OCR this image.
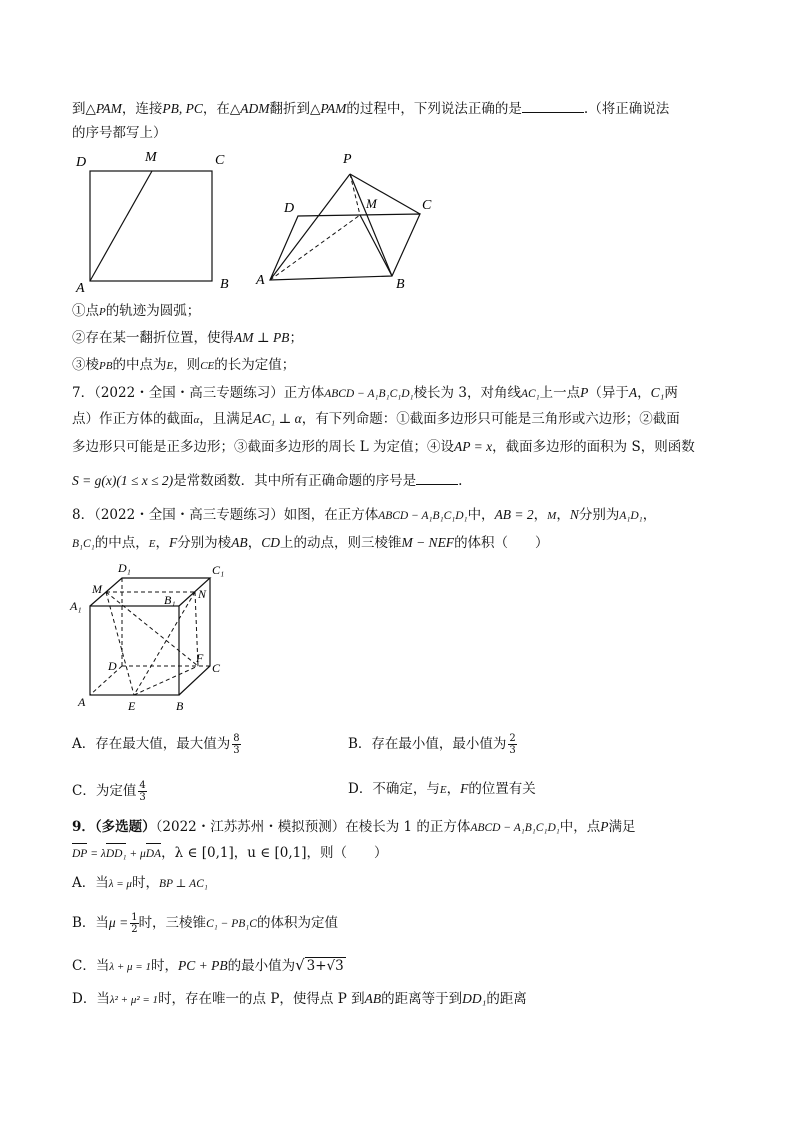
到△PAM，连接PB, PC，在△ADM翻折到△PAM的过程中，下列说法正确的是	.（将正确说法
的序号都写上）
D	M	C
A	B
P
D	M	C
A	B
①点P的轨迹为圆弧；
②存在某一翻折位置，使得AM ⊥ PB；
③棱PB的中点为E，则CE的长为定值；
7．（2022・全国・高三专题练习）正方体ABCD − A₁B₁C₁D₁棱长为 3，对角线AC₁上一点P（异于A，C₁两
点）作正方体的截面α，且满足AC₁ ⊥ α，有下列命题：①截面多边形只可能是三角形或六边形；②截面
多边形只可能是正多边形；③截面多边形的周长 L 为定值；④设AP = x，截面多边形的面积为 S，则函数
S = g(x)(1 ≤ x ≤ 2)是常数函数．其中所有正确命题的序号是	.
8．（2022・全国・高三专题练习）如图，在正方体ABCD − A₁B₁C₁D₁中，AB = 2，M，N分别为A₁D₁，
B₁C₁的中点，E，F分别为棱AB，CD上的动点，则三棱锥M − NEF的体积（　　）
D₁	C₁
M
A₁	B₁ N
D
F
C
A	E	B
A．存在最大值，最大值为 $\frac{8}{3}$	B．存在最小值，最小值为 $\frac{2}{3}$
C．为定值 $\frac{4}{3}$	D．不确定，与E，F的位置有关
9．（多选题）（2022・江苏苏州・模拟预测）在棱长为 1 的正方体ABCD − A₁B₁C₁D₁中，点P满足
DP = λDD₁ + μDA，λ ∈ [0,1]，u ∈ [0,1]，则（　　）
A．当λ = μ时，BP ⊥ AC₁
B．当$\mu = \frac{1}{2}$ 时，三棱锥C₁ − PB₁C的体积为定值
C．当λ + μ = 1时，PC + PB的最小值为√ 3+√3
D．当λ² + μ² = 1时，存在唯一的点 P，使得点 P 到AB的距离等于到DD₁的距离
